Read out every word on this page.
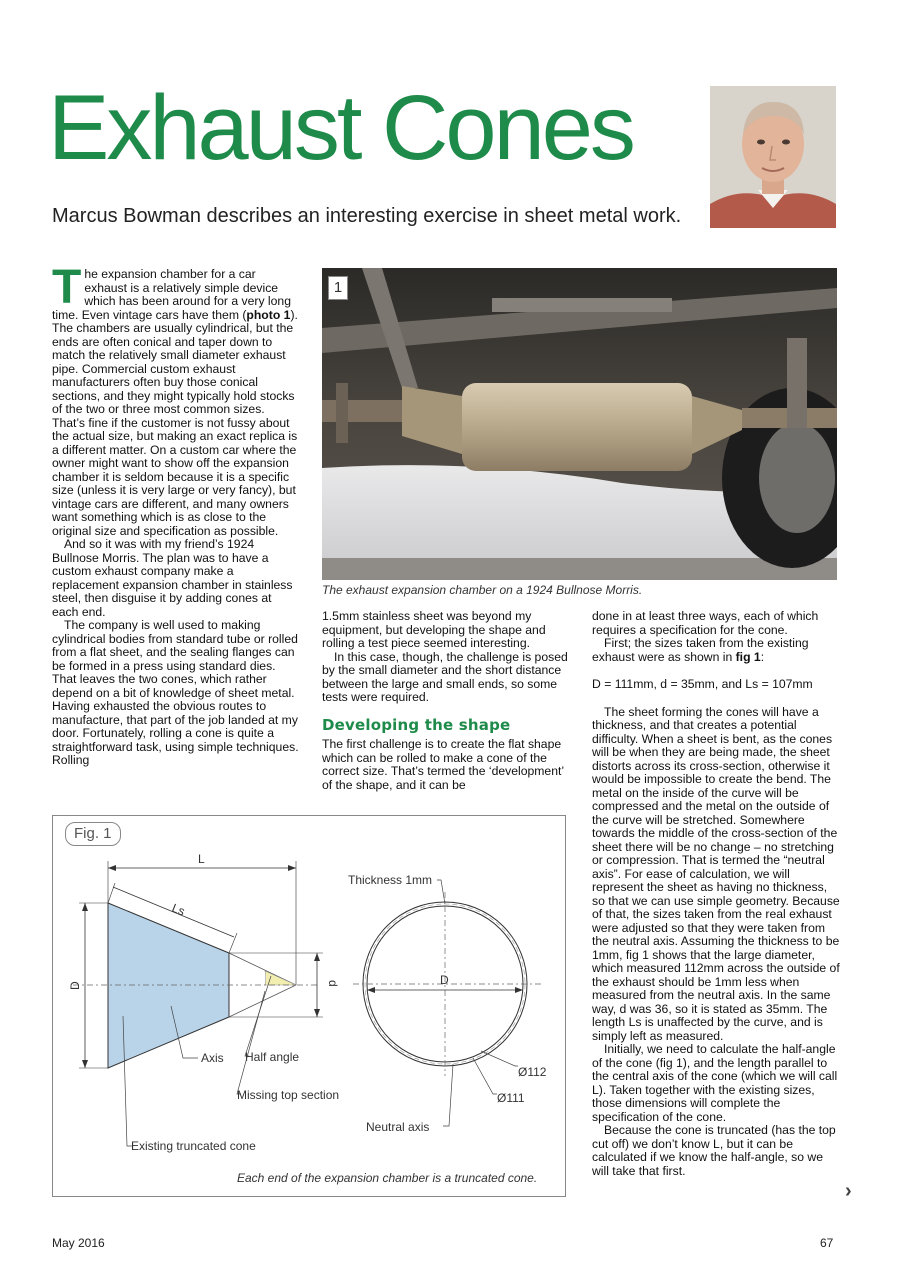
Exhaust Cones
Marcus Bowman describes an interesting exercise in sheet metal work.

The expansion chamber for a car exhaust is a relatively simple device which has been around for a very long time. Even vintage cars have them (photo 1). The chambers are usually cylindrical, but the ends are often conical and taper down to match the relatively small diameter exhaust pipe. Commercial custom exhaust manufacturers often buy those conical sections, and they might typically hold stocks of the two or three most common sizes. That’s fine if the customer is not fussy about the actual size, but making an exact replica is a different matter. On a custom car where the owner might want to show off the expansion chamber it is seldom because it is a specific size (unless it is very large or very fancy), but vintage cars are different, and many owners want something which is as close to the original size and specification as possible.

And so it was with my friend’s 1924 Bullnose Morris. The plan was to have a custom exhaust company make a replacement expansion chamber in stainless steel, then disguise it by adding cones at each end.

The company is well used to making cylindrical bodies from standard tube or rolled from a flat sheet, and the sealing flanges can be formed in a press using standard dies. That leaves the two cones, which rather depend on a bit of knowledge of sheet metal. Having exhausted the obvious routes to manufacture, that part of the job landed at my door. Fortunately, rolling a cone is quite a straightforward task, using simple techniques. Rolling

1
The exhaust expansion chamber on a 1924 Bullnose Morris.

1.5mm stainless sheet was beyond my equipment, but developing the shape and rolling a test piece seemed interesting.

In this case, though, the challenge is posed by the small diameter and the short distance between the large and small ends, so some tests were required.

Developing the shape

The first challenge is to create the flat shape which can be rolled to make a cone of the correct size. That’s termed the ‘development’ of the shape, and it can be

done in at least three ways, each of which requires a specification for the cone.

First; the sizes taken from the existing exhaust were as shown in fig 1:

D = 111mm, d = 35mm, and Ls = 107mm

The sheet forming the cones will have a thickness, and that creates a potential difficulty. When a sheet is bent, as the cones will be when they are being made, the sheet distorts across its cross-section, otherwise it would be impossible to create the bend. The metal on the inside of the curve will be compressed and the metal on the outside of the curve will be stretched. Somewhere towards the middle of the cross-section of the sheet there will be no change – no stretching or compression. That is termed the “neutral axis”. For ease of calculation, we will represent the sheet as having no thickness, so that we can use simple geometry. Because of that, the sizes taken from the real exhaust were adjusted so that they were taken from the neutral axis. Assuming the thickness to be 1mm, fig 1 shows that the large diameter, which measured 112mm across the outside of the exhaust should be 1mm less when measured from the neutral axis. In the same way, d was 36, so it is stated as 35mm. The length Ls is unaffected by the curve, and is simply left as measured.

Initially, we need to calculate the half-angle of the cone (fig 1), and the length parallel to the central axis of the cone (which we will call L). Taken together with the existing sizes, those dimensions will complete the specification of the cone.

Because the cone is truncated (has the top cut off) we don’t know L, but it can be calculated if we know the half-angle, so we will take that first.

Fig. 1
L
Ls
D	d
Axis Half angle
Missing top section
Existing truncated cone
D
Thickness 1mm
Ø112
Ø111
Neutral axis
Each end of the expansion chamber is a truncated cone.
May 2016	67
›
